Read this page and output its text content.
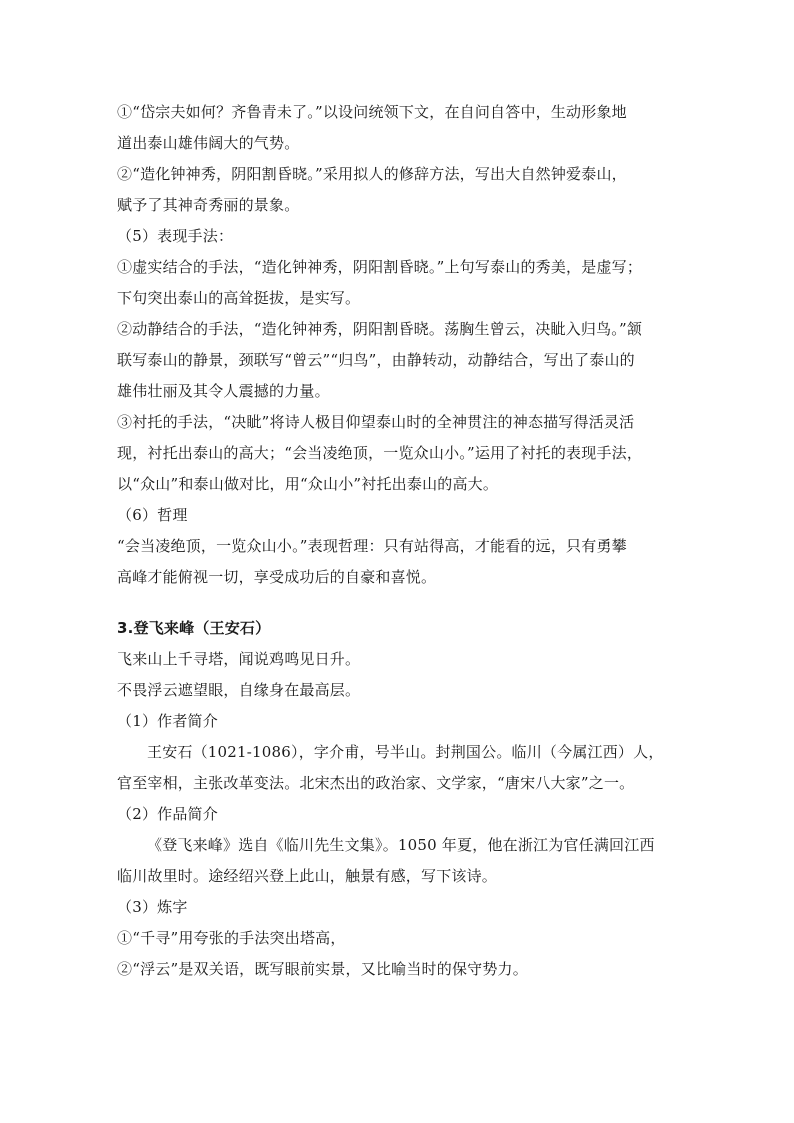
①“岱宗夫如何？齐鲁青未了。”以设问统领下文，在自问自答中，生动形象地
道出泰山雄伟阔大的气势。
②“造化钟神秀，阴阳割昏晓。”采用拟人的修辞方法，写出大自然钟爱泰山，
赋予了其神奇秀丽的景象。
（5）表现手法：
①虚实结合的手法，“造化钟神秀，阴阳割昏晓。”上句写泰山的秀美，是虚写；
下句突出泰山的高耸挺拔，是实写。
②动静结合的手法，“造化钟神秀，阴阳割昏晓。荡胸生曾云，决眦入归鸟。”颔
联写泰山的静景，颈联写“曾云”“归鸟”，由静转动，动静结合，写出了泰山的
雄伟壮丽及其令人震撼的力量。
③衬托的手法，“决眦”将诗人极目仰望泰山时的全神贯注的神态描写得活灵活
现，衬托出泰山的高大；“会当凌绝顶，一览众山小。”运用了衬托的表现手法，
以“众山”和泰山做对比，用“众山小”衬托出泰山的高大。
（6）哲理
“会当凌绝顶，一览众山小。”表现哲理：只有站得高，才能看的远，只有勇攀
高峰才能俯视一切，享受成功后的自豪和喜悦。
3.登飞来峰（王安石）
飞来山上千寻塔，闻说鸡鸣见日升。
不畏浮云遮望眼，自缘身在最高层。
（1）作者简介
王安石（1021-1086），字介甫，号半山。封荆国公。临川（今属江西）人，
官至宰相，主张改革变法。北宋杰出的政治家、文学家，“唐宋八大家”之一。
（2）作品简介
《登飞来峰》选自《临川先生文集》。1050 年夏，他在浙江为官任满回江西
临川故里时。途经绍兴登上此山，触景有感，写下该诗。
（3）炼字
①“千寻”用夸张的手法突出塔高，
②“浮云”是双关语，既写眼前实景，又比喻当时的保守势力。
